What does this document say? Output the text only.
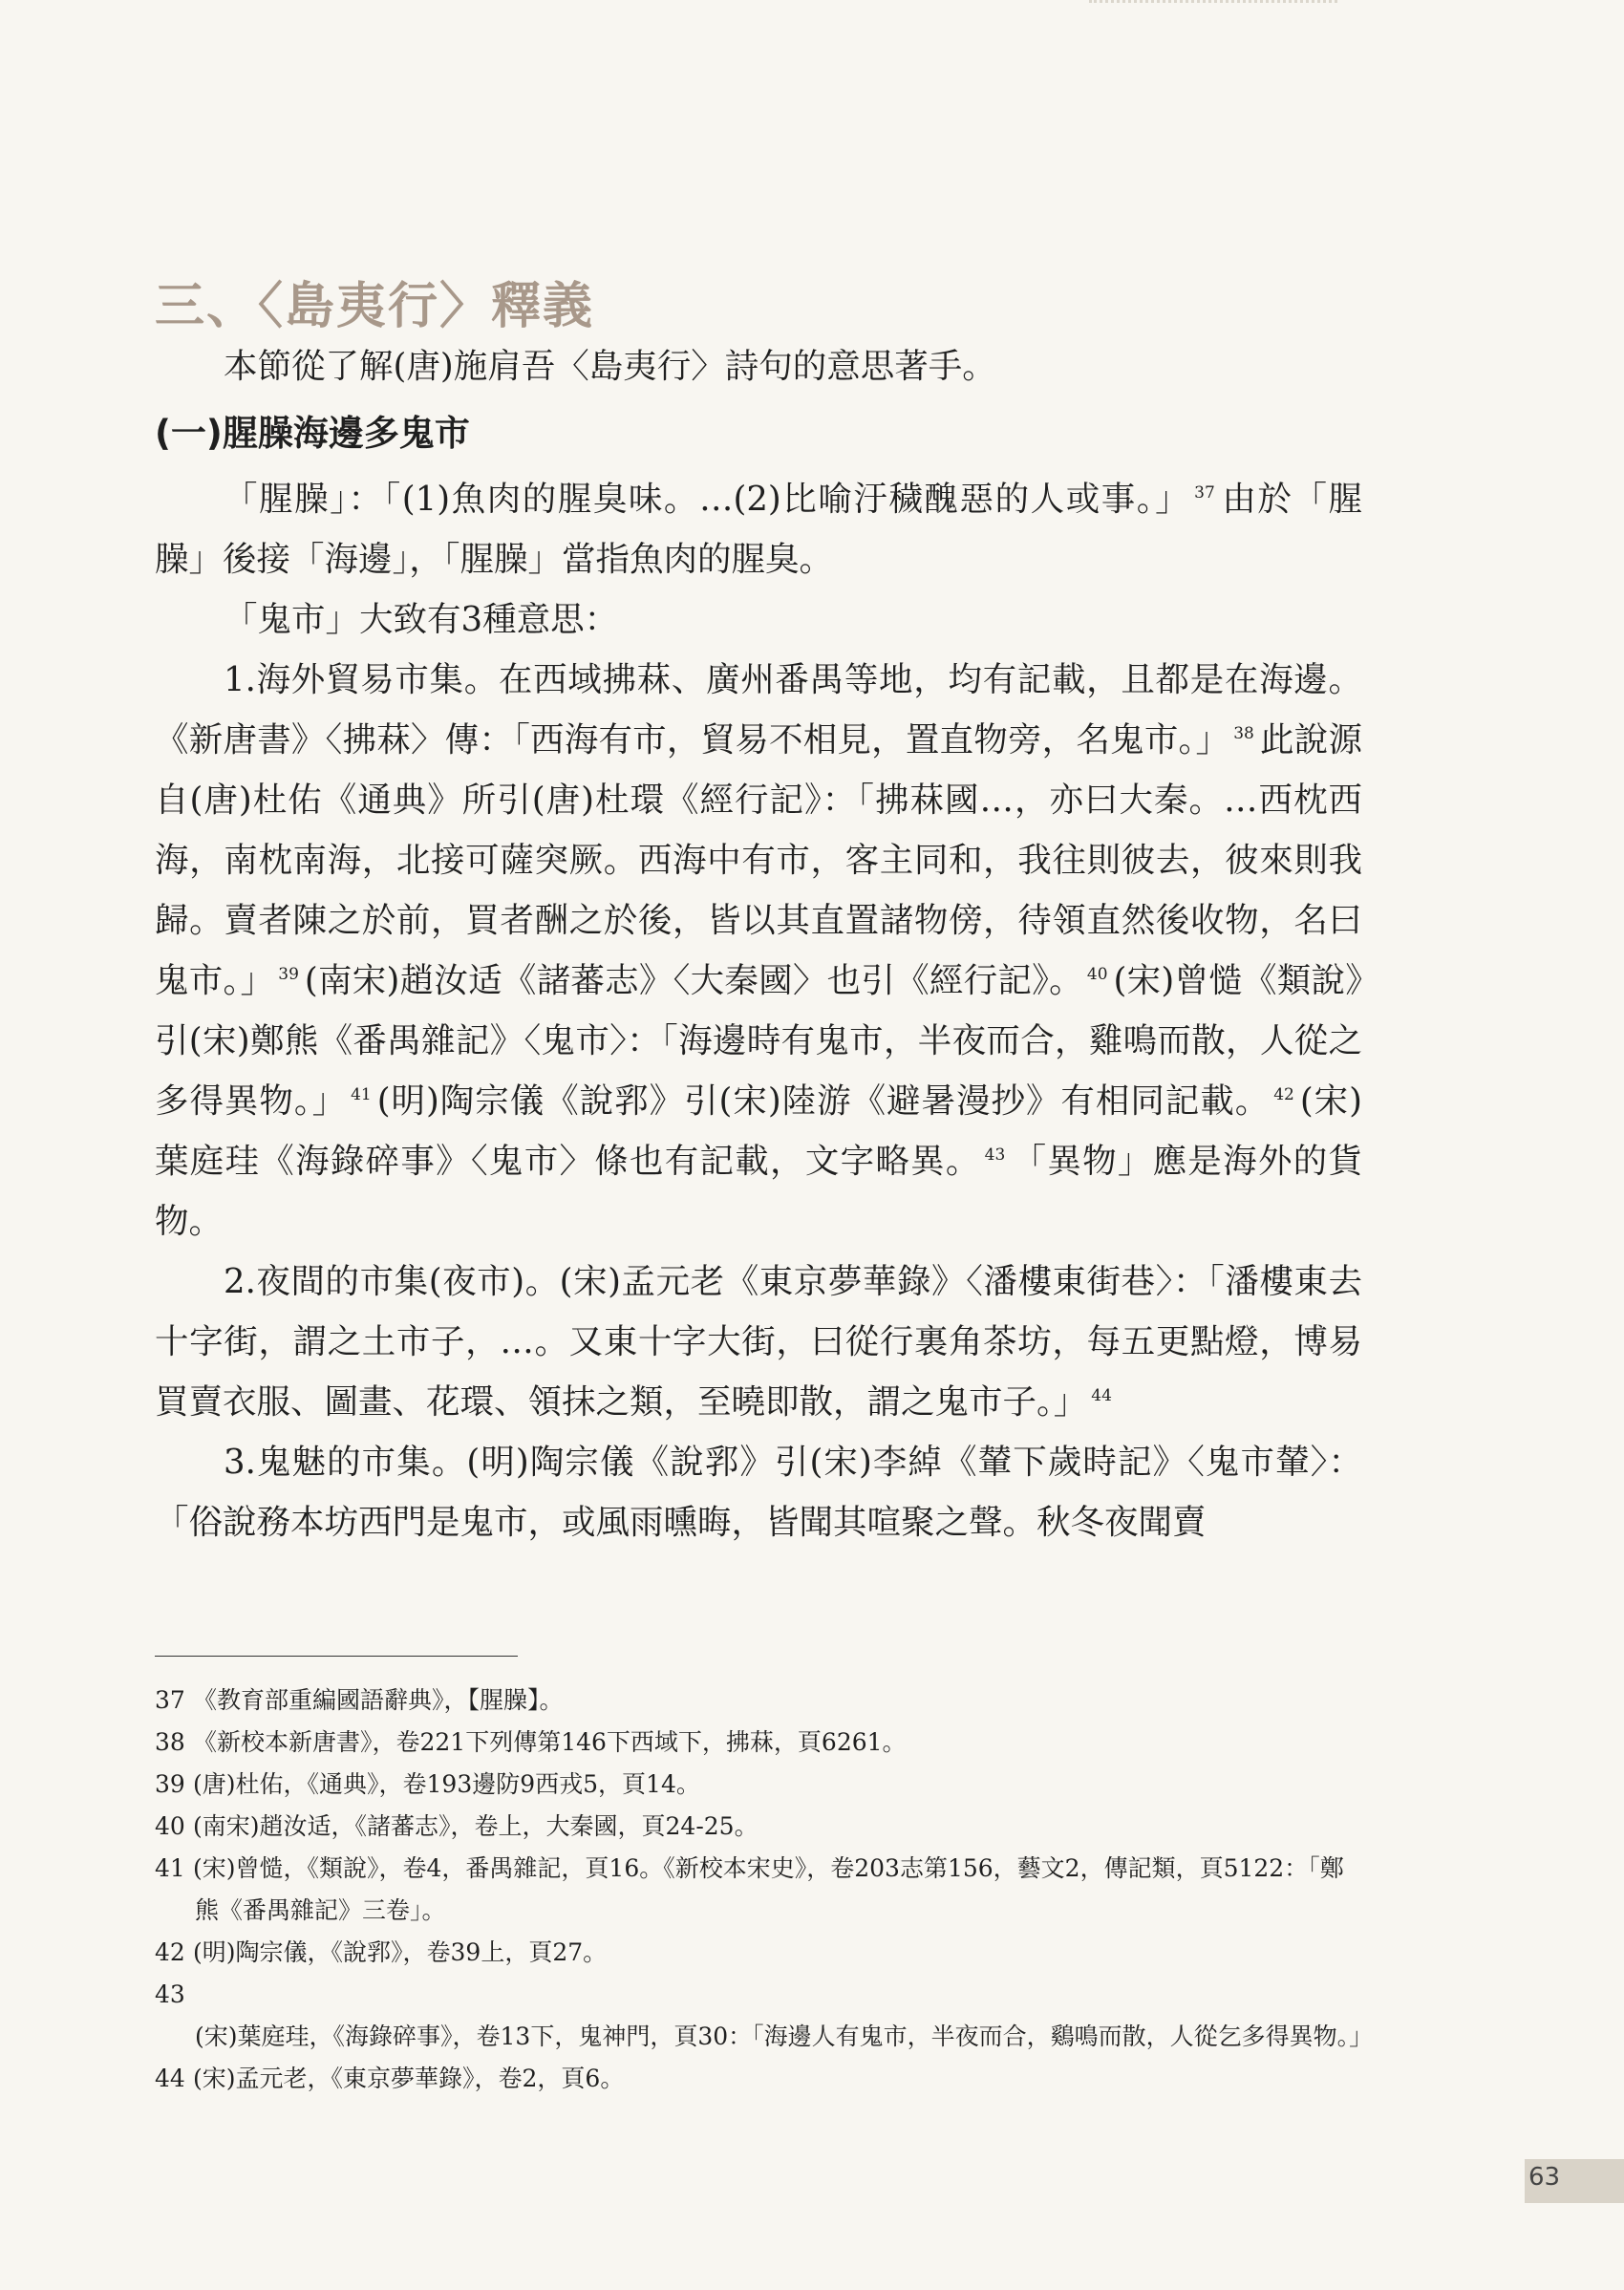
三、〈島夷行〉釋義

本節從了解(唐)施肩吾〈島夷行〉詩句的意思著手。

(一)腥臊海邊多鬼市

「腥臊」：「(1)魚肉的腥臭味。…(2)比喻汙穢醜惡的人或事。」 $^{37}$ 由於「腥臊」後接「海邊」，「腥臊」當指魚肉的腥臭。

「鬼市」大致有3種意思：

1.海外貿易市集。在西域拂菻、廣州番禺等地，均有記載，且都是在海邊。《新唐書》〈拂菻〉傳：「西海有市，貿易不相見，置直物旁，名鬼市。」 $^{38}$ 此說源自(唐)杜佑《通典》所引(唐)杜環《經行記》：「拂菻國…，亦曰大秦。…西枕西海，南枕南海，北接可薩突厥。西海中有市，客主同和，我往則彼去，彼來則我歸。賣者陳之於前，買者酬之於後，皆以其直置諸物傍，待領直然後收物，名曰鬼市。」 $^{39}$ (南宋)趙汝适《諸蕃志》〈大秦國〉也引《經行記》。 $^{40}$ (宋)曾慥《類說》引(宋)鄭熊《番禺雜記》〈鬼市〉：「海邊時有鬼市，半夜而合，雞鳴而散，人從之多得異物。」 $^{41}$ (明)陶宗儀《說郛》引(宋)陸游《避暑漫抄》有相同記載。 $^{42}$ (宋)葉庭珪《海錄碎事》〈鬼市〉條也有記載，文字略異。 $^{43}$ 「異物」應是海外的貨物。

2.夜間的市集(夜市)。(宋)孟元老《東京夢華錄》〈潘樓東街巷〉：「潘樓東去十字街，謂之土市子，…。又東十字大街，曰從行裏角茶坊，每五更點燈，博易買賣衣服、圖畫、花環、領抹之類，至曉即散，謂之鬼市子。」 $^{44}$

3.鬼魅的市集。(明)陶宗儀《說郛》引(宋)李綽《輦下歲時記》〈鬼市輦〉：「俗說務本坊西門是鬼市，或風雨曛晦，皆聞其喧聚之聲。秋冬夜聞賣

37 《教育部重編國語辭典》，【腥臊】。
38 《新校本新唐書》，卷221下列傳第146下西域下，拂菻，頁6261。
39 (唐)杜佑，《通典》，卷193邊防9西戎5，頁14。
40 (南宋)趙汝适，《諸蕃志》，卷上，大秦國，頁24-25。
41 (宋)曾慥，《類說》，卷4，番禺雜記，頁16。《新校本宋史》，卷203志第156，藝文2，傳記類，頁5122：「鄭熊《番禺雜記》三卷」。
42 (明)陶宗儀，《說郛》，卷39上，頁27。
43(宋)葉庭珪，《海錄碎事》，卷13下，鬼神門，頁30：「海邊人有鬼市，半夜而合，鷄鳴而散，人從乞多得異物。」
44 (宋)孟元老，《東京夢華錄》，卷2，頁6。
63
